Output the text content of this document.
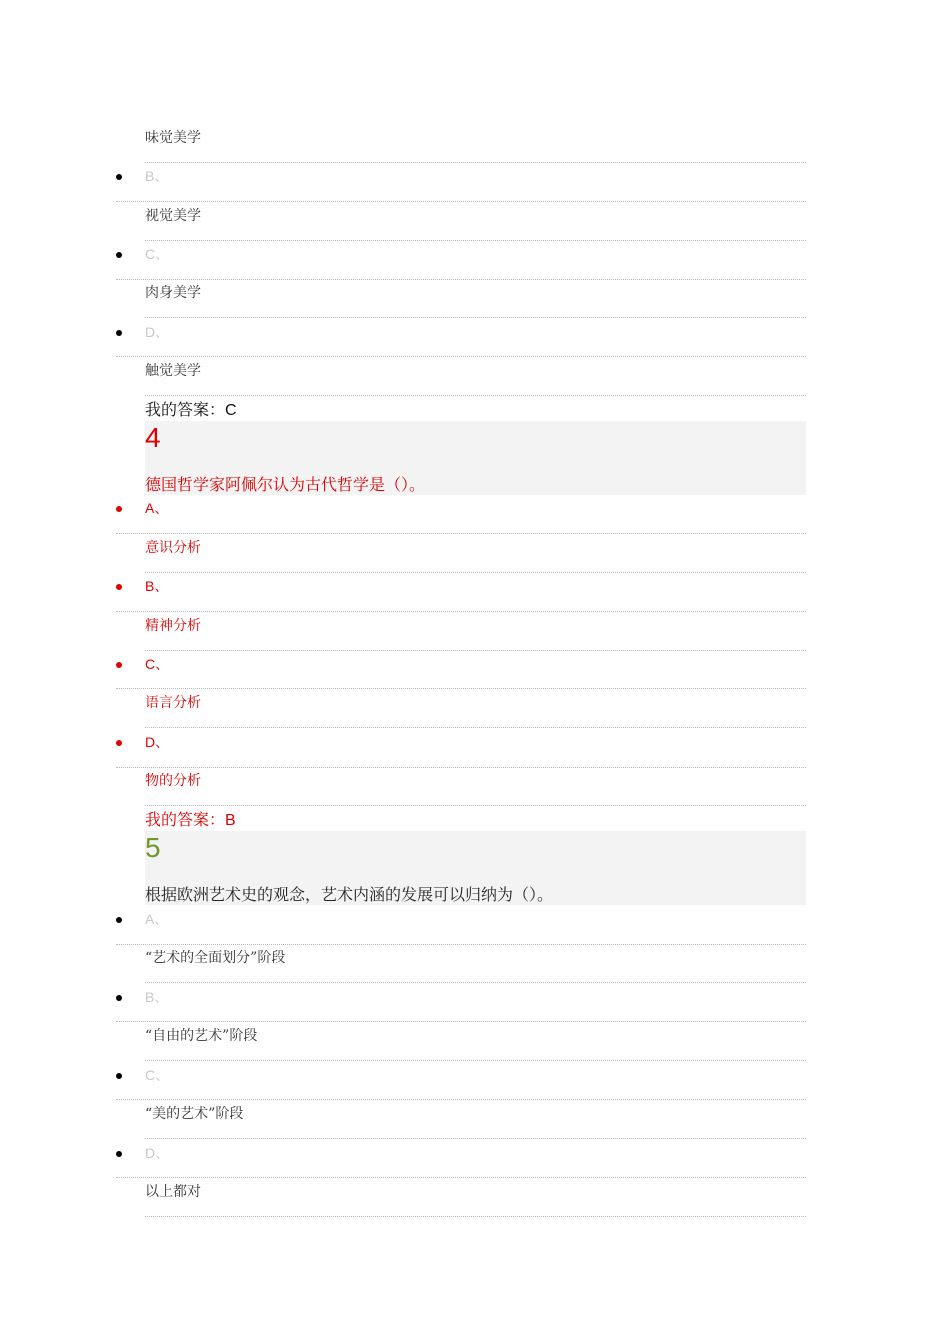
味觉美学
B、
视觉美学
C、
肉身美学
D、
触觉美学
我的答案：C
4
德国哲学家阿佩尔认为古代哲学是（）。
A、
意识分析
B、
精神分析
C、
语言分析
D、
物的分析
我的答案：B
5
根据欧洲艺术史的观念，艺术内涵的发展可以归纳为（）。
A、
“艺术的全面划分”阶段
B、
“自由的艺术”阶段
C、
“美的艺术”阶段
D、
以上都对
